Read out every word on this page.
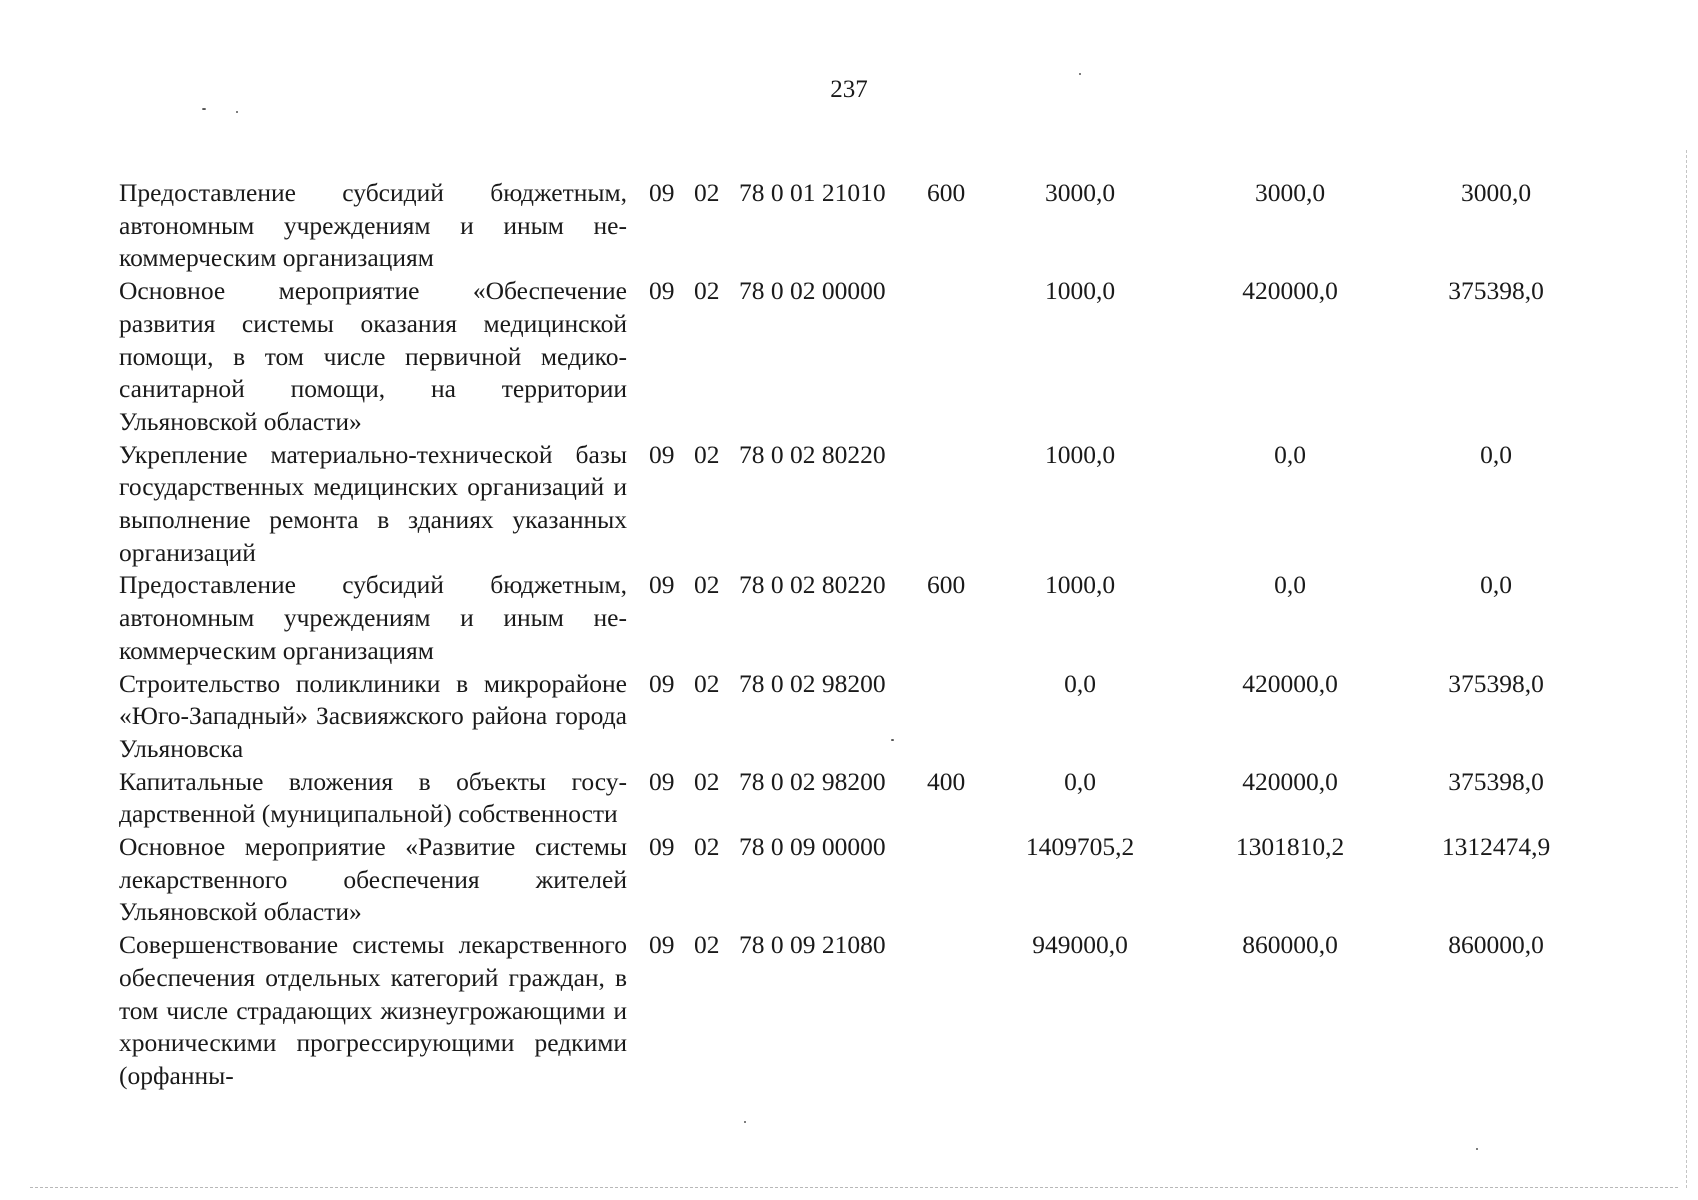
237
Предоставление субсидий бюджетным, автономным учреждениям и иным некоммерческим организациям
09 02 78 0 01 21010 600	3000,0	3000,0	3000,0
Основное мероприятие «Обеспечение развития системы оказания медицинской помощи, в том числе первичной медико-санитарной помощи, на территории Ульяновской области»
09 02 78 0 02 00000	1000,0	420000,0	375398,0
Укрепление материально-технической базы государственных медицинских организаций и выполнение ремонта в зданиях указанных организаций
09 02 78 0 02 80220	1000,0	0,0	0,0
Предоставление субсидий бюджетным, автономным учреждениям и иным некоммерческим организациям
09 02 78 0 02 80220 600	1000,0	0,0	0,0
Строительство поликлиники в микрорайоне «Юго-Западный» Засвияжского района города Ульяновска
09 02 78 0 02 98200	0,0	420000,0	375398,0
Капитальные вложения в объекты государственной (муниципальной) собственности
09 02 78 0 02 98200 400	0,0	420000,0	375398,0
Основное мероприятие «Развитие системы лекарственного обеспечения жителей Ульяновской области»
09 02 78 0 09 00000	1409705,2	1301810,2	1312474,9
Совершенствование системы лекарственного обеспечения отдельных категорий граждан, в том числе страдающих жизнеугрожающими и хроническими прогрессирующими редкими (орфанны-
09 02 78 0 09 21080	949000,0	860000,0	860000,0
